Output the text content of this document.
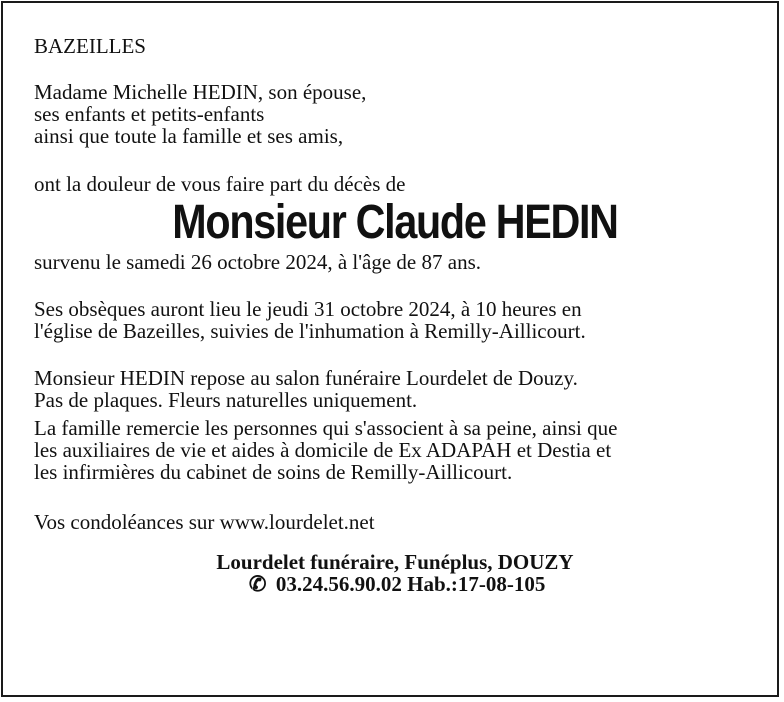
BAZEILLES
Madame Michelle HEDIN, son épouse,
ses enfants et petits-enfants
ainsi que toute la famille et ses amis,
ont la douleur de vous faire part du décès de
Monsieur Claude HEDIN
survenu le samedi 26 octobre 2024, à l'âge de 87 ans.
Ses obsèques auront lieu le jeudi 31 octobre 2024, à 10 heures en
l'église de Bazeilles, suivies de l'inhumation à Remilly-Aillicourt.
Monsieur HEDIN repose au salon funéraire Lourdelet de Douzy.
Pas de plaques. Fleurs naturelles uniquement.
La famille remercie les personnes qui s'associent à sa peine, ainsi que
les auxiliaires de vie et aides à domicile de Ex ADAPAH et Destia et
les infirmières du cabinet de soins de Remilly-Aillicourt.
Vos condoléances sur www.lourdelet.net
Lourdelet funéraire, Funéplus, DOUZY
✆ 03.24.56.90.02 Hab.:17-08-105
